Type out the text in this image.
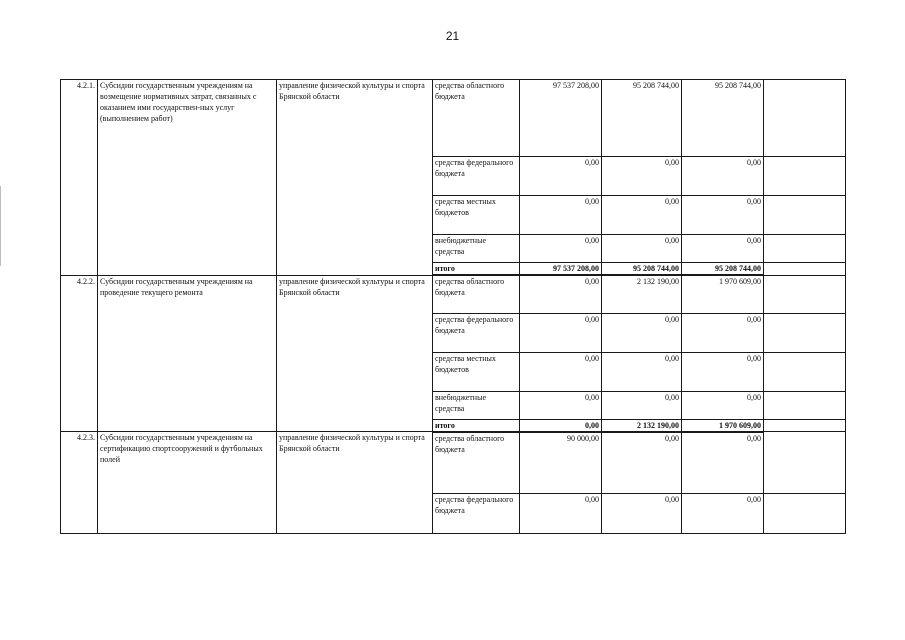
21
4.2.1.	Субсидии государственным учреждениям на возмещение нормативных затрат, связанных с оказанием ими государствен-ных услуг (выполнением работ)	управление физической культуры и спорта Брянской области	средства областного бюджета	97 537 208,00	95 208 744,00	95 208 744,00	
			средства федерального бюджета	0,00	0,00	0,00	
			средства местных бюджетов	0,00	0,00	0,00	
			внебюджетные средства	0,00	0,00	0,00	
			итого	97 537 208,00	95 208 744,00	95 208 744,00	
4.2.2.	Субсидии государственным учреждениям на проведение текущего ремонта	управление физической культуры и спорта Брянской области	средства областного бюджета	0,00	2 132 190,00	1 970 609,00	
			средства федерального бюджета	0,00	0,00	0,00	
			средства местных бюджетов	0,00	0,00	0,00	
			внебюджетные средства	0,00	0,00	0,00	
			итого	0,00	2 132 190,00	1 970 609,00	
4.2.3.	Субсидии государственным учреждениям на сертификацию спортсооружений и футбольных полей	управление физической культуры и спорта Брянской области	средства областного бюджета	90 000,00	0,00	0,00	
			средства федерального бюджета	0,00	0,00	0,00	
